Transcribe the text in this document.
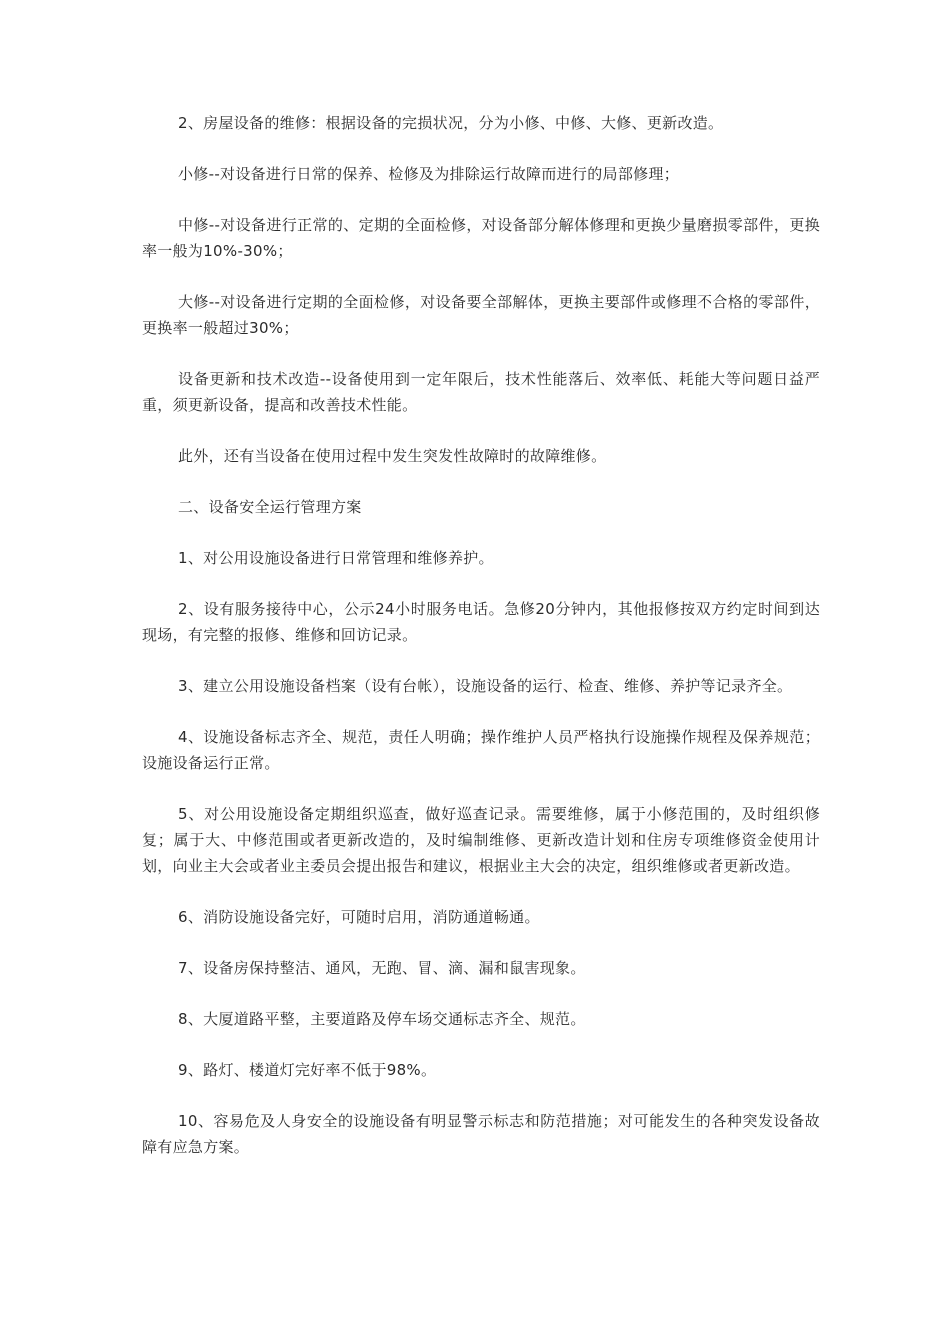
2、房屋设备的维修：根据设备的完损状况，分为小修、中修、大修、更新改造。

小修--对设备进行日常的保养、检修及为排除运行故障而进行的局部修理；

中修--对设备进行正常的、定期的全面检修，对设备部分解体修理和更换少量磨损零部件，更换率一般为10%-30%；

大修--对设备进行定期的全面检修，对设备要全部解体，更换主要部件或修理不合格的零部件，更换率一般超过30%；

设备更新和技术改造--设备使用到一定年限后，技术性能落后、效率低、耗能大等问题日益严重，须更新设备，提高和改善技术性能。

此外，还有当设备在使用过程中发生突发性故障时的故障维修。

二、设备安全运行管理方案

1、对公用设施设备进行日常管理和维修养护。

2、设有服务接待中心，公示24小时服务电话。急修20分钟内，其他报修按双方约定时间到达现场，有完整的报修、维修和回访记录。

3、建立公用设施设备档案（设有台帐），设施设备的运行、检查、维修、养护等记录齐全。

4、设施设备标志齐全、规范，责任人明确；操作维护人员严格执行设施操作规程及保养规范；设施设备运行正常。

5、对公用设施设备定期组织巡查，做好巡查记录。需要维修，属于小修范围的，及时组织修复；属于大、中修范围或者更新改造的，及时编制维修、更新改造计划和住房专项维修资金使用计划，向业主大会或者业主委员会提出报告和建议，根据业主大会的决定，组织维修或者更新改造。

6、消防设施设备完好，可随时启用，消防通道畅通。

7、设备房保持整洁、通风，无跑、冒、滴、漏和鼠害现象。

8、大厦道路平整，主要道路及停车场交通标志齐全、规范。

9、路灯、楼道灯完好率不低于98%。

10、容易危及人身安全的设施设备有明显警示标志和防范措施；对可能发生的各种突发设备故障有应急方案。
